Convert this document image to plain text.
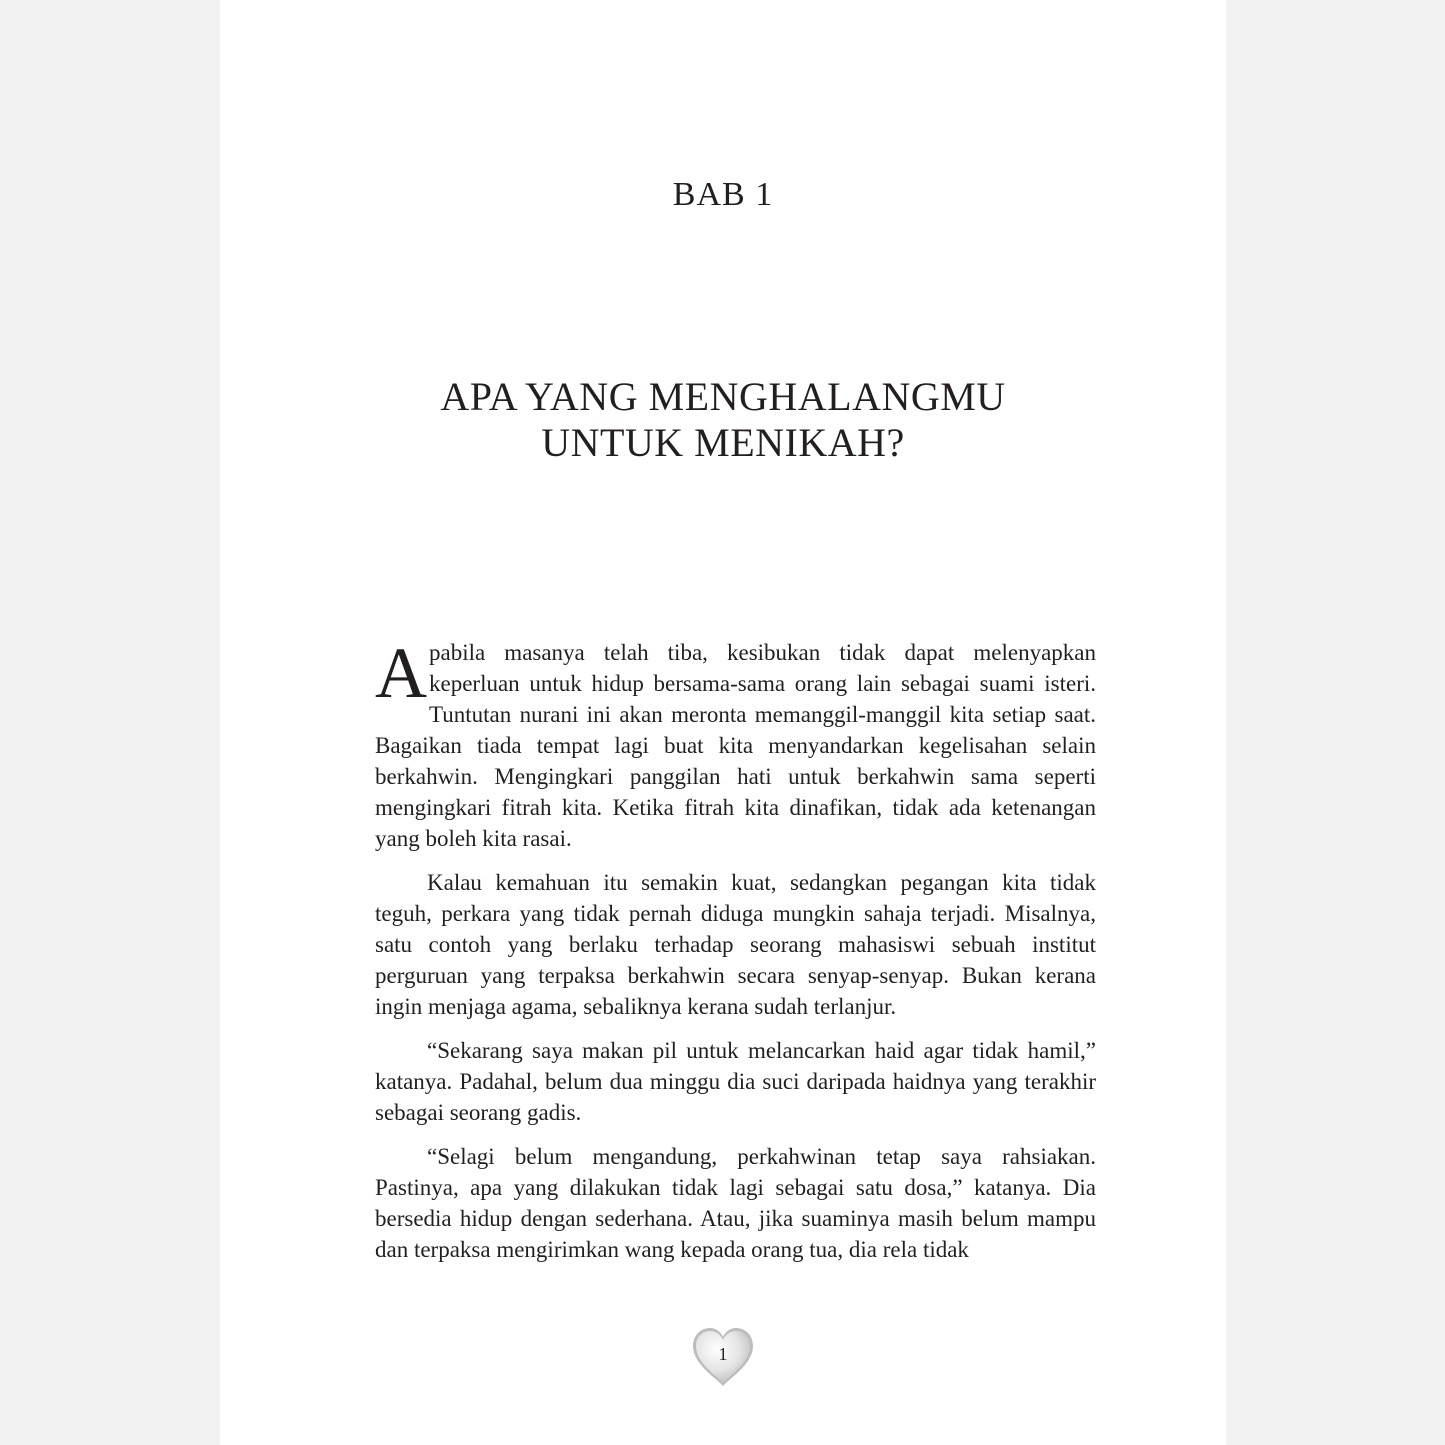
BAB 1
APA YANG MENGHALANGMU
UNTUK MENIKAH?

Apabila masanya telah tiba, kesibukan tidak dapat melenyapkan keperluan untuk hidup bersama-sama orang lain sebagai suami isteri. Tuntutan nurani ini akan meronta memanggil-manggil kita setiap saat. Bagaikan tiada tempat lagi buat kita menyandarkan kegelisahan selain berkahwin. Mengingkari panggilan hati untuk berkahwin sama seperti mengingkari fitrah kita. Ketika fitrah kita dinafikan, tidak ada ketenangan yang boleh kita rasai.

Kalau kemahuan itu semakin kuat, sedangkan pegangan kita tidak teguh, perkara yang tidak pernah diduga mungkin sahaja terjadi. Misalnya, satu contoh yang berlaku terhadap seorang mahasiswi sebuah institut perguruan yang terpaksa berkahwin secara senyap-senyap. Bukan kerana ingin menjaga agama, sebaliknya kerana sudah terlanjur.

“Sekarang saya makan pil untuk melancarkan haid agar tidak hamil,” katanya. Padahal, belum dua minggu dia suci daripada haidnya yang terakhir sebagai seorang gadis.

“Selagi belum mengandung, perkahwinan tetap saya rahsiakan. Pastinya, apa yang dilakukan tidak lagi sebagai satu dosa,” katanya. Dia bersedia hidup dengan sederhana. Atau, jika suaminya masih belum mampu dan terpaksa mengirimkan wang kepada orang tua, dia rela tidak

1
